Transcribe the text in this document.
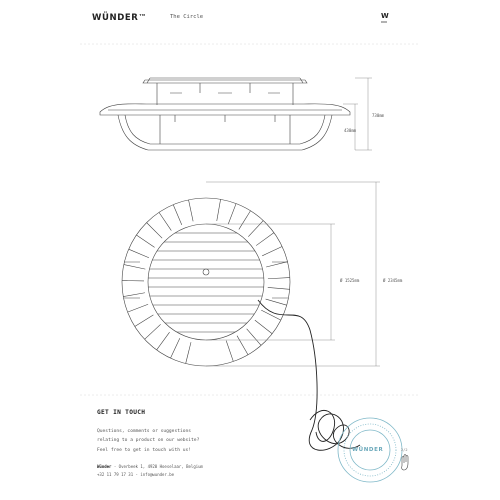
WÜNDER™	The Circle	W
730mm
430mm
Ø 1525mm	Ø 2345mm
WÜNDER
GET IN TOUCH
Questions, comments or suggestions
relating to a product on our website?
Feel free to get in touch with us!
Wünder - Overbeek 1, 4920 Hoeselaar, Belgium
+32 11 79 17 31 - info@wunder.be
2/2
